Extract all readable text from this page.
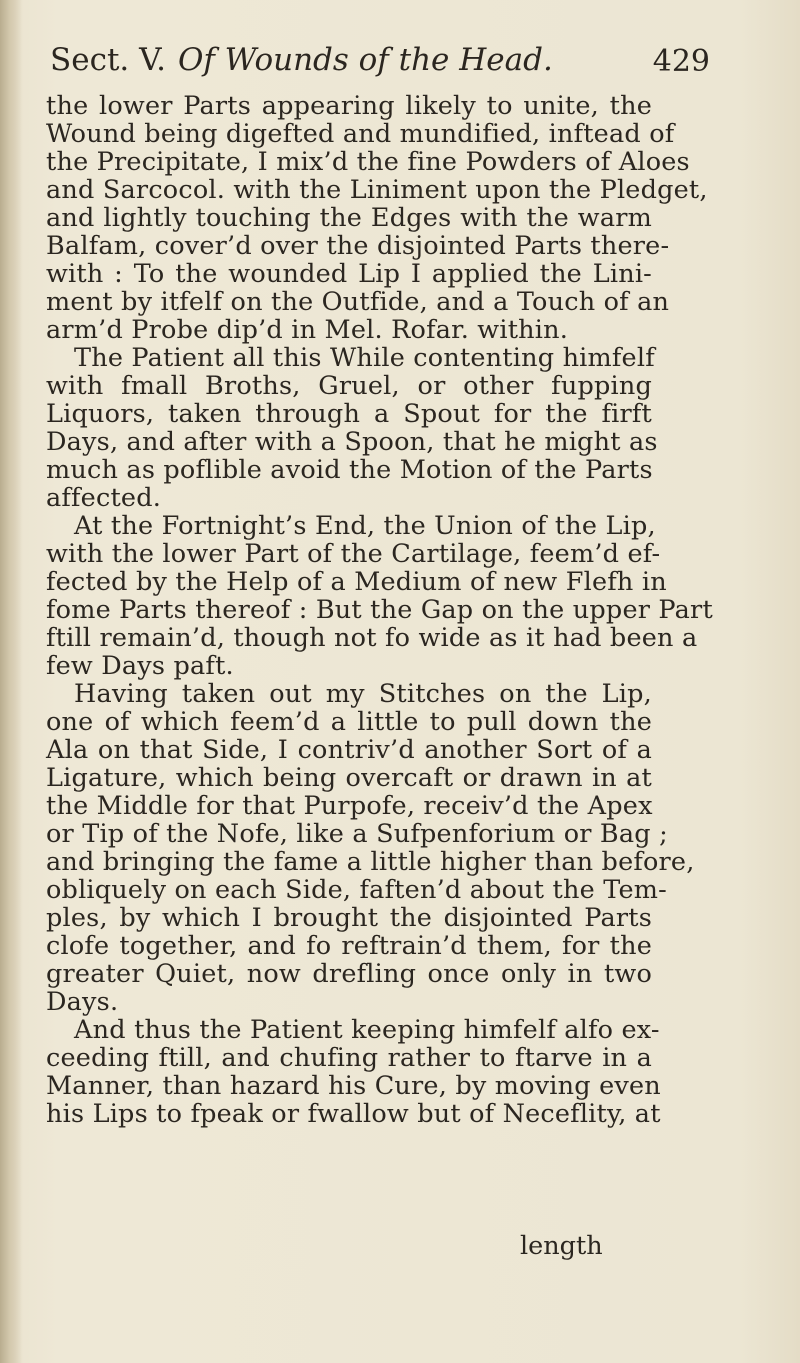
Sect. V. Of Wounds of the Head.	429
the lower Parts appearing likely to unite, the
Wound being digefted and mundified, inftead of
the Precipitate, I mix’d the fine Powders of Aloes
and Sarcocol. with the Liniment upon the Pledget,
and lightly touching the Edges with the warm
Balfam, cover’d over the disjointed Parts there-
with : To the wounded Lip I applied the Lini-
ment by itfelf on the Outfide, and a Touch of an
arm’d Probe dip’d in Mel. Rofar. within.
The Patient all this While contenting himfelf
with fmall Broths, Gruel, or other fupping
Liquors, taken through a Spout for the firft
Days, and after with a Spoon, that he might as
much as poflible avoid the Motion of the Parts
affected.
At the Fortnight’s End, the Union of the Lip,
with the lower Part of the Cartilage, feem’d ef-
fected by the Help of a Medium of new Flefh in
fome Parts thereof : But the Gap on the upper Part
ftill remain’d, though not fo wide as it had been a
few Days paft.
Having taken out my Stitches on the Lip,
one of which feem’d a little to pull down the
Ala on that Side, I contriv’d another Sort of a
Ligature, which being overcaft or drawn in at
the Middle for that Purpofe, receiv’d the Apex
or Tip of the Nofe, like a Sufpenforium or Bag ;
and bringing the fame a little higher than before,
obliquely on each Side, faften’d about the Tem-
ples, by which I brought the disjointed Parts
clofe together, and fo reftrain’d them, for the
greater Quiet, now drefling once only in two
Days.
And thus the Patient keeping himfelf alfo ex-
ceeding ftill, and chufing rather to ftarve in a
Manner, than hazard his Cure, by moving even
his Lips to fpeak or fwallow but of Neceflity, at
length
